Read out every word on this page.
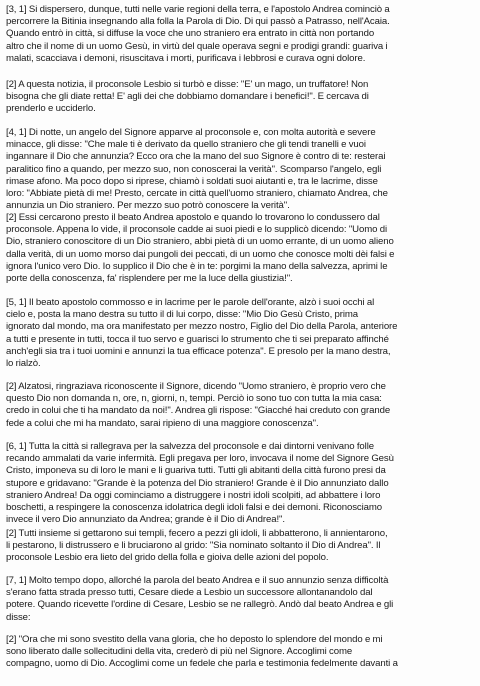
[3, 1] Si dispersero, dunque, tutti nelle varie regioni della terra, e l'apostolo Andrea cominciò a
percorrere la Bitinia insegnando alla folla la Parola di Dio. Di qui passò a Patrasso, nell'Acaia.
Quando entrò in città, si diffuse la voce che uno straniero era entrato in città non portando
altro che il nome di un uomo Gesù, in virtù del quale operava segni e prodigi grandi: guariva i
malati, scacciava i demoni, risuscitava i morti, purificava i lebbrosi e curava ogni dolore.

[2] A questa notizia, il proconsole Lesbio si turbò e disse: "E' un mago, un truffatore! Non
bisogna che gli diate retta! E' agli dei che dobbiamo domandare i benefici!". E cercava di
prenderlo e ucciderlo.

[4, 1] Di notte, un angelo del Signore apparve al proconsole e, con molta autorità e severe
minacce, gli disse: "Che male ti è derivato da quello straniero che gli tendi tranelli e vuoi
ingannare il Dio che annunzia? Ecco ora che la mano del suo Signore è contro di te: resterai
paralitico fino a quando, per mezzo suo, non conoscerai la verità". Scomparso l'angelo, egli
rimase afono. Ma poco dopo si riprese, chiamò i soldati suoi aiutanti e, tra le lacrime, disse
loro: "Abbiate pietà di me! Presto, cercate in città quell'uomo straniero, chiamato Andrea, che
annunzia un Dio straniero. Per mezzo suo potrò conoscere la verità".

[2] Essi cercarono presto il beato Andrea apostolo e quando lo trovarono lo condussero dal
proconsole. Appena lo vide, il proconsole cadde ai suoi piedi e lo supplicò dicendo: "Uomo di
Dio, straniero conoscitore di un Dio straniero, abbi pietà di un uomo errante, di un uomo alieno
dalla verità, di un uomo morso dai pungoli dei peccati, di un uomo che conosce molti dèi falsi e
ignora l'unico vero Dio. Io supplico il Dio che è in te: porgimi la mano della salvezza, aprimi le
porte della conoscenza, fa' risplendere per me la luce della giustizia!".

[5, 1] Il beato apostolo commosso e in lacrime per le parole dell'orante, alzò i suoi occhi al
cielo e, posta la mano destra su tutto il di lui corpo, disse: "Mio Dio Gesù Cristo, prima
ignorato dal mondo, ma ora manifestato per mezzo nostro, Figlio del Dio della Parola, anteriore
a tutti e presente in tutti, tocca il tuo servo e guarisci lo strumento che ti sei preparato affinché
anch'egli sia tra i tuoi uomini e annunzi la tua efficace potenza". E presolo per la mano destra,
lo rialzò.

[2] Alzatosi, ringraziava riconoscente il Signore, dicendo "Uomo straniero, è proprio vero che
questo Dio non domanda n, ore, n, giorni, n, tempi. Perciò io sono tuo con tutta la mia casa:
credo in colui che ti ha mandato da noi!". Andrea gli rispose: "Giacché hai creduto con grande
fede a colui che mi ha mandato, sarai ripieno di una maggiore conoscenza".

[6, 1] Tutta la città si rallegrava per la salvezza del proconsole e dai dintorni venivano folle
recando ammalati da varie infermità. Egli pregava per loro, invocava il nome del Signore Gesù
Cristo, imponeva su di loro le mani e li guariva tutti. Tutti gli abitanti della città furono presi da
stupore e gridavano: "Grande è la potenza del Dio straniero! Grande è il Dio annunziato dallo
straniero Andrea! Da oggi cominciamo a distruggere i nostri idoli scolpiti, ad abbattere i loro
boschetti, a respingere la conoscenza idolatrica degli idoli falsi e dei demoni. Riconosciamo
invece il vero Dio annunziato da Andrea; grande è il Dio di Andrea!".

[2] Tutti insieme si gettarono sui templi, fecero a pezzi gli idoli, li abbatterono, li annientarono,
li pestarono, li distrussero e li bruciarono al grido: "Sia nominato soltanto il Dio di Andrea". Il
proconsole Lesbio era lieto del grido della folla e gioiva delle azioni del popolo.

[7, 1] Molto tempo dopo, allorché la parola del beato Andrea e il suo annunzio senza difficoltà
s'erano fatta strada presso tutti, Cesare diede a Lesbio un successore allontanandolo dal
potere. Quando ricevette l'ordine di Cesare, Lesbio se ne rallegrò. Andò dal beato Andrea e gli
disse:

[2] "Ora che mi sono svestito della vana gloria, che ho deposto lo splendore del mondo e mi
sono liberato dalle sollecitudini della vita, crederò di più nel Signore. Accoglimi come
compagno, uomo di Dio. Accoglimi come un fedele che parla e testimonia fedelmente davanti a
